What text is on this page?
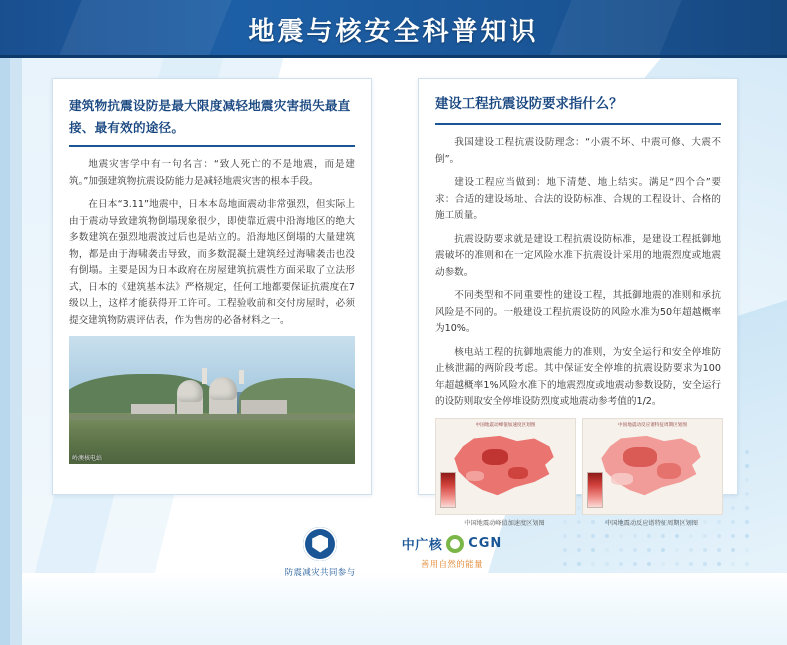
地震与核安全科普知识
建筑物抗震设防是最大限度减轻地震灾害损失最直接、最有效的途径。

地震灾害学中有一句名言：“致人死亡的不是地震，而是建筑。”加强建筑物抗震设防能力是减轻地震灾害的根本手段。

在日本“3.11”地震中，日本本岛地面震动非常强烈，但实际上由于震动导致建筑物倒塌现象很少，即使靠近震中沿海地区的绝大多数建筑在强烈地震波过后也是站立的。沿海地区倒塌的大量建筑物，都是由于海啸袭击导致，而多数混凝土建筑经过海啸袭击也没有倒塌。主要是因为日本政府在房屋建筑抗震性方面采取了立法形式，日本的《建筑基本法》严格规定，任何工地都要保证抗震度在7级以上，这样才能获得开工许可。工程验收前和交付房屋时，必须提交建筑物防震评估表，作为售房的必备材料之一。

岭澳核电站
建设工程抗震设防要求指什么？

我国建设工程抗震设防理念：“小震不坏、中震可修、大震不倒”。

建设工程应当做到：地下清楚、地上结实。满足“四个合”要求：合适的建设场址、合法的设防标准、合规的工程设计、合格的施工质量。

抗震设防要求就是建设工程抗震设防标准，是建设工程抵御地震破坏的准则和在一定风险水准下抗震设计采用的地震烈度或地震动参数。

不同类型和不同重要性的建设工程，其抵御地震的准则和承抗风险是不同的。一般建设工程抗震设防的风险水准为50年超越概率为10%。

核电站工程的抗御地震能力的准则，为安全运行和安全停堆防止核泄漏的两阶段考虑。其中保证安全停堆的抗震设防要求为100年超越概率1%风险水准下的地震烈度或地震动参数设防，安全运行的设防则取安全停堆设防烈度或地震动参考值的1/2。

中国地震动峰值加速度区划图
中国地震动峰值加速度区划图
中国地震动反应谱特征周期区划图
中国地震动反应谱特征周期区划图
防震减灾共同参与
中广核 CGN
善用自然的能量
